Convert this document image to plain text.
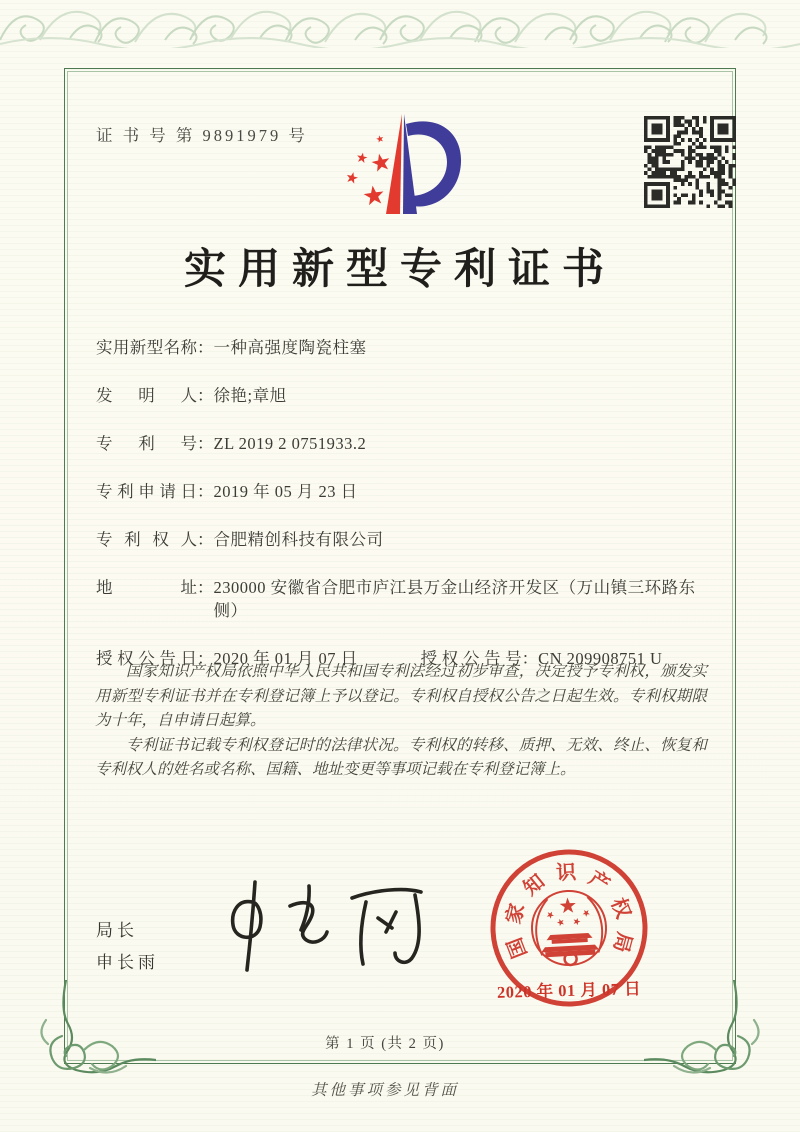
证 书 号 第 9891979 号
实用新型专利证书
实用新型名称 ： 一种高强度陶瓷柱塞
发明人 ： 徐艳;章旭
专利号 ： ZL 2019 2 0751933.2
专利申请日 ： 2019 年 05 月 23 日
专利权人 ： 合肥精创科技有限公司
地址 ： 230000 安徽省合肥市庐江县万金山经济开发区（万山镇三环路东侧）
授权公告日 ： 2020 年 01 月 07 日	授权公告号 ： CN 209908751 U

国家知识产权局依照中华人民共和国专利法经过初步审查，决定授予专利权，颁发实用新型专利证书并在专利登记簿上予以登记。专利权自授权公告之日起生效。专利权期限为十年，自申请日起算。

专利证书记载专利权登记时的法律状况。专利权的转移、质押、无效、终止、恢复和专利权人的姓名或名称、国籍、地址变更等事项记载在专利登记簿上。

局长
申长雨
国
家
知 识 产
权
局
2020 年 01 月 07 日
第 1 页 (共 2 页)
其他事项参见背面
